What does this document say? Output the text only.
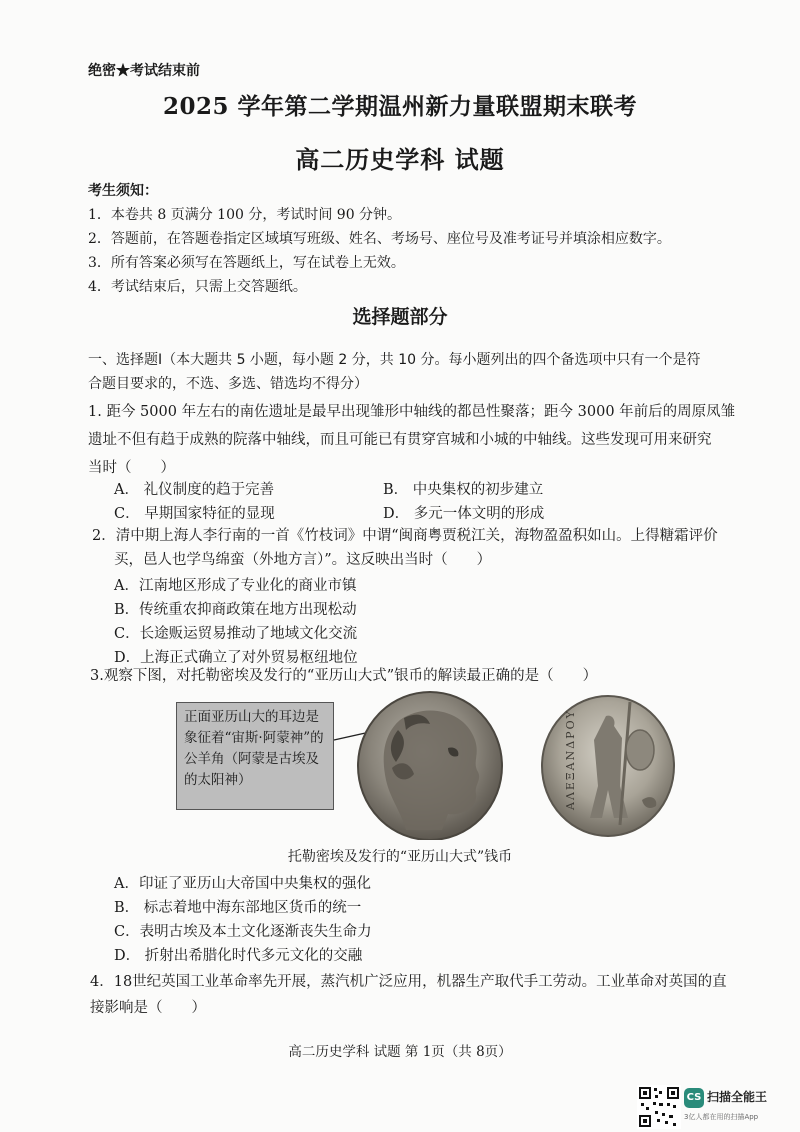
绝密★考试结束前
2025 学年第二学期温州新力量联盟期末联考
高二历史学科 试题
考生须知：
1．本卷共 8 页满分 100 分，考试时间 90 分钟。
2．答题前，在答题卷指定区域填写班级、姓名、考场号、座位号及准考证号并填涂相应数字。
3．所有答案必须写在答题纸上，写在试卷上无效。
4．考试结束后，只需上交答题纸。
选择题部分
一、选择题Ⅰ（本大题共 5 小题，每小题 2 分，共 10 分。每小题列出的四个备选项中只有一个是符
合题目要求的，不选、多选、错选均不得分）
1. 距今 5000 年左右的南佐遗址是最早出现雏形中轴线的都邑性聚落；距今 3000 年前后的周原凤雏
遗址不但有趋于成熟的院落中轴线，而且可能已有贯穿宫城和小城的中轴线。这些发现可用来研究
当时（　　）
A． 礼仪制度的趋于完善	B． 中央集权的初步建立
C． 早期国家特征的显现	D． 多元一体文明的形成
2．清中期上海人李行南的一首《竹枝词》中谓“闽商粤贾税江关，海物盈盈积如山。上得糖霜评价
买，邑人也学鸟绵蛮（外地方言）”。这反映出当时（　　）
A．江南地区形成了专业化的商业市镇
B．传统重农抑商政策在地方出现松动
C．长途贩运贸易推动了地域文化交流
D．上海正式确立了对外贸易枢纽地位
3.观察下图，对托勒密埃及发行的“亚历山大式”银币的解读最正确的是（　　）
正面亚历山大的耳边是象征着“宙斯·阿蒙神”的公羊角（阿蒙是古埃及的太阳神）	ΑΛΕΞΑΝΔΡΟΥ
托勒密埃及发行的“亚历山大式”钱币
A．印证了亚历山大帝国中央集权的强化
B． 标志着地中海东部地区货币的统一
C．表明古埃及本土文化逐渐丧失生命力
D． 折射出希腊化时代多元文化的交融
4．18世纪英国工业革命率先开展，蒸汽机广泛应用，机器生产取代手工劳动。工业革命对英国的直
接影响是（　　）
高二历史学科 试题 第 1页（共 8页）
CS 扫描全能王
3亿人都在用的扫描App
